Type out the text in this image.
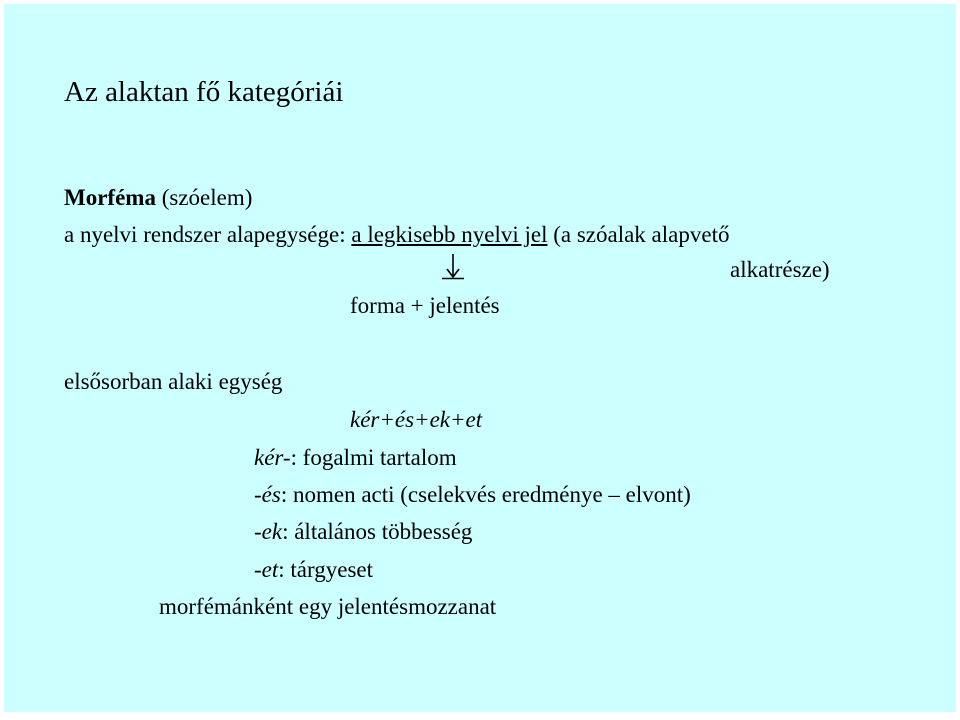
Az alaktan fő kategóriái
Morféma (szóelem)
a nyelvi rendszer alapegysége: a legkisebb nyelvi jel (a szóalak alapvető
alkatrésze)
forma + jelentés
elsősorban alaki egység
kér+és+ek+et
kér-: fogalmi tartalom
-és: nomen acti (cselekvés eredménye – elvont)
-ek: általános többesség
-et: tárgyeset
morfémánként egy jelentésmozzanat
